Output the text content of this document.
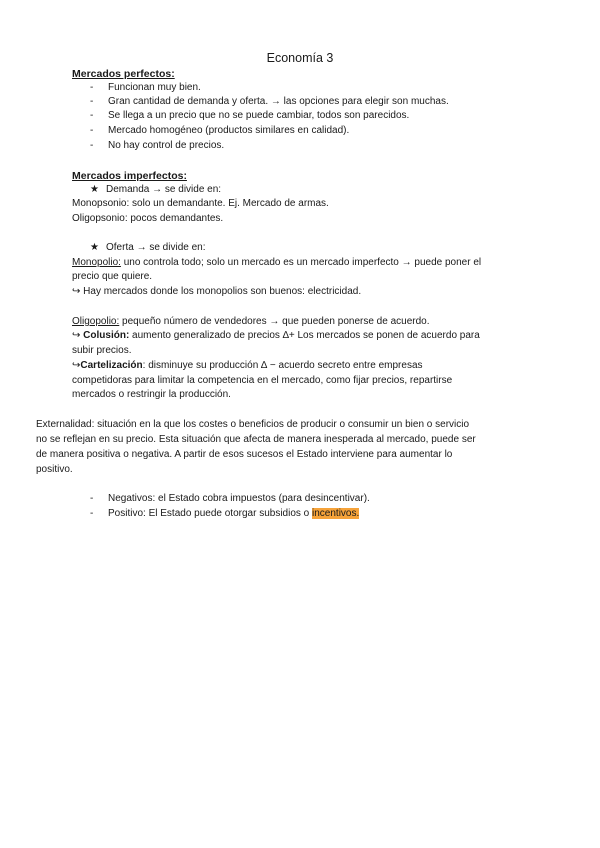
Economía 3
Mercados perfectos:
- Funcionan muy bien.
- Gran cantidad de demanda y oferta. → las opciones para elegir son muchas.
- Se llega a un precio que no se puede cambiar, todos son parecidos.
- Mercado homogéneo (productos similares en calidad).
- No hay control de precios.
Mercados imperfectos:
★ Demanda → se divide en:
Monopsonio: solo un demandante. Ej. Mercado de armas.
Oligopsonio: pocos demandantes.
★ Oferta → se divide en:
Monopolio: uno controla todo; solo un mercado es un mercado imperfecto → puede poner el
precio que quiere.
↪ Hay mercados donde los monopolios son buenos: electricidad.
Oligopolio: pequeño número de vendedores → que pueden ponerse de acuerdo.
↪ Colusión: aumento generalizado de precios ∆+ Los mercados se ponen de acuerdo para
subir precios.
↪Cartelización: disminuye su producción ∆ − acuerdo secreto entre empresas
competidoras para limitar la competencia en el mercado, como fijar precios, repartirse
mercados o restringir la producción.
Externalidad: situación en la que los costes o beneficios de producir o consumir un bien o servicio
no se reflejan en su precio. Esta situación que afecta de manera inesperada al mercado, puede ser
de manera positiva o negativa. A partir de esos sucesos el Estado interviene para aumentar lo
positivo.
- Negativos: el Estado cobra impuestos (para desincentivar).
- Positivo: El Estado puede otorgar subsidios o incentivos.
